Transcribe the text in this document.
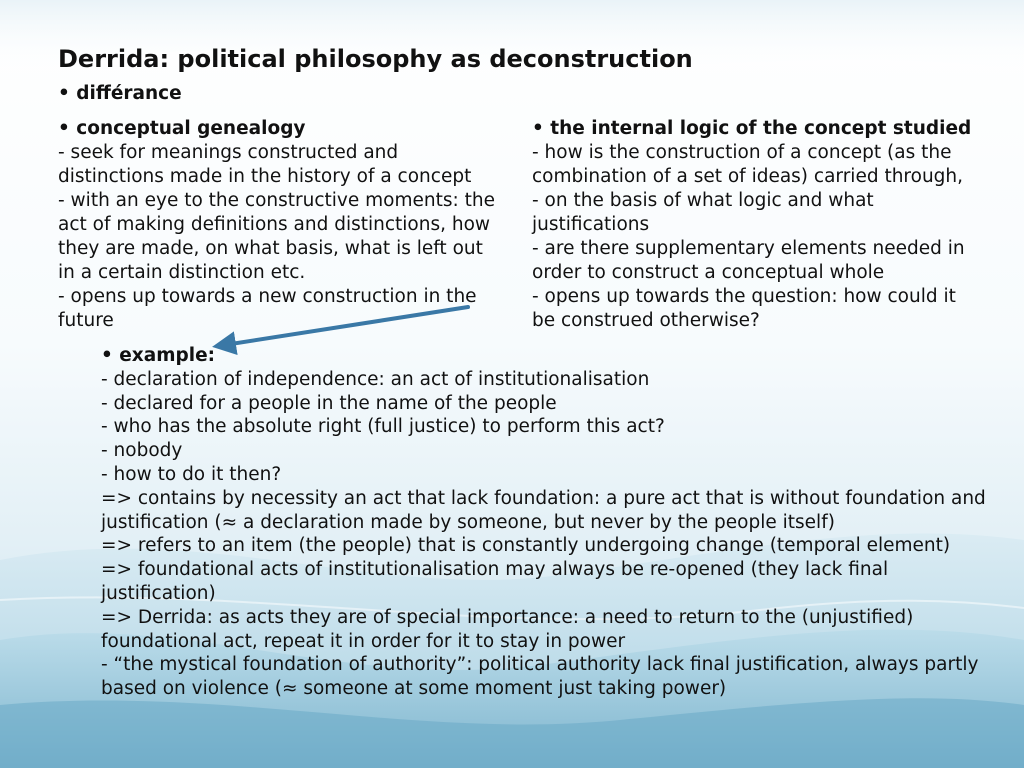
Derrida: political philosophy as deconstruction
• différance
• conceptual genealogy
- seek for meanings constructed and
distinctions made in the history of a concept
- with an eye to the constructive moments: the
act of making definitions and distinctions, how
they are made, on what basis, what is left out
in a certain distinction etc.
- opens up towards a new construction in the
future
• the internal logic of the concept studied
- how is the construction of a concept (as the
combination of a set of ideas) carried through,
- on the basis of what logic and what
justifications
- are there supplementary elements needed in
order to construct a conceptual whole
- opens up towards the question: how could it
be construed otherwise?
• example:
- declaration of independence: an act of institutionalisation
- declared for a people in the name of the people
- who has the absolute right (full justice) to perform this act?
- nobody
- how to do it then?
=> contains by necessity an act that lack foundation: a pure act that is without foundation and
justification (≈ a declaration made by someone, but never by the people itself)
=> refers to an item (the people) that is constantly undergoing change (temporal element)
=> foundational acts of institutionalisation may always be re-opened (they lack final
justification)
=> Derrida: as acts they are of special importance: a need to return to the (unjustified)
foundational act, repeat it in order for it to stay in power
- “the mystical foundation of authority”: political authority lack final justification, always partly
based on violence (≈ someone at some moment just taking power)
